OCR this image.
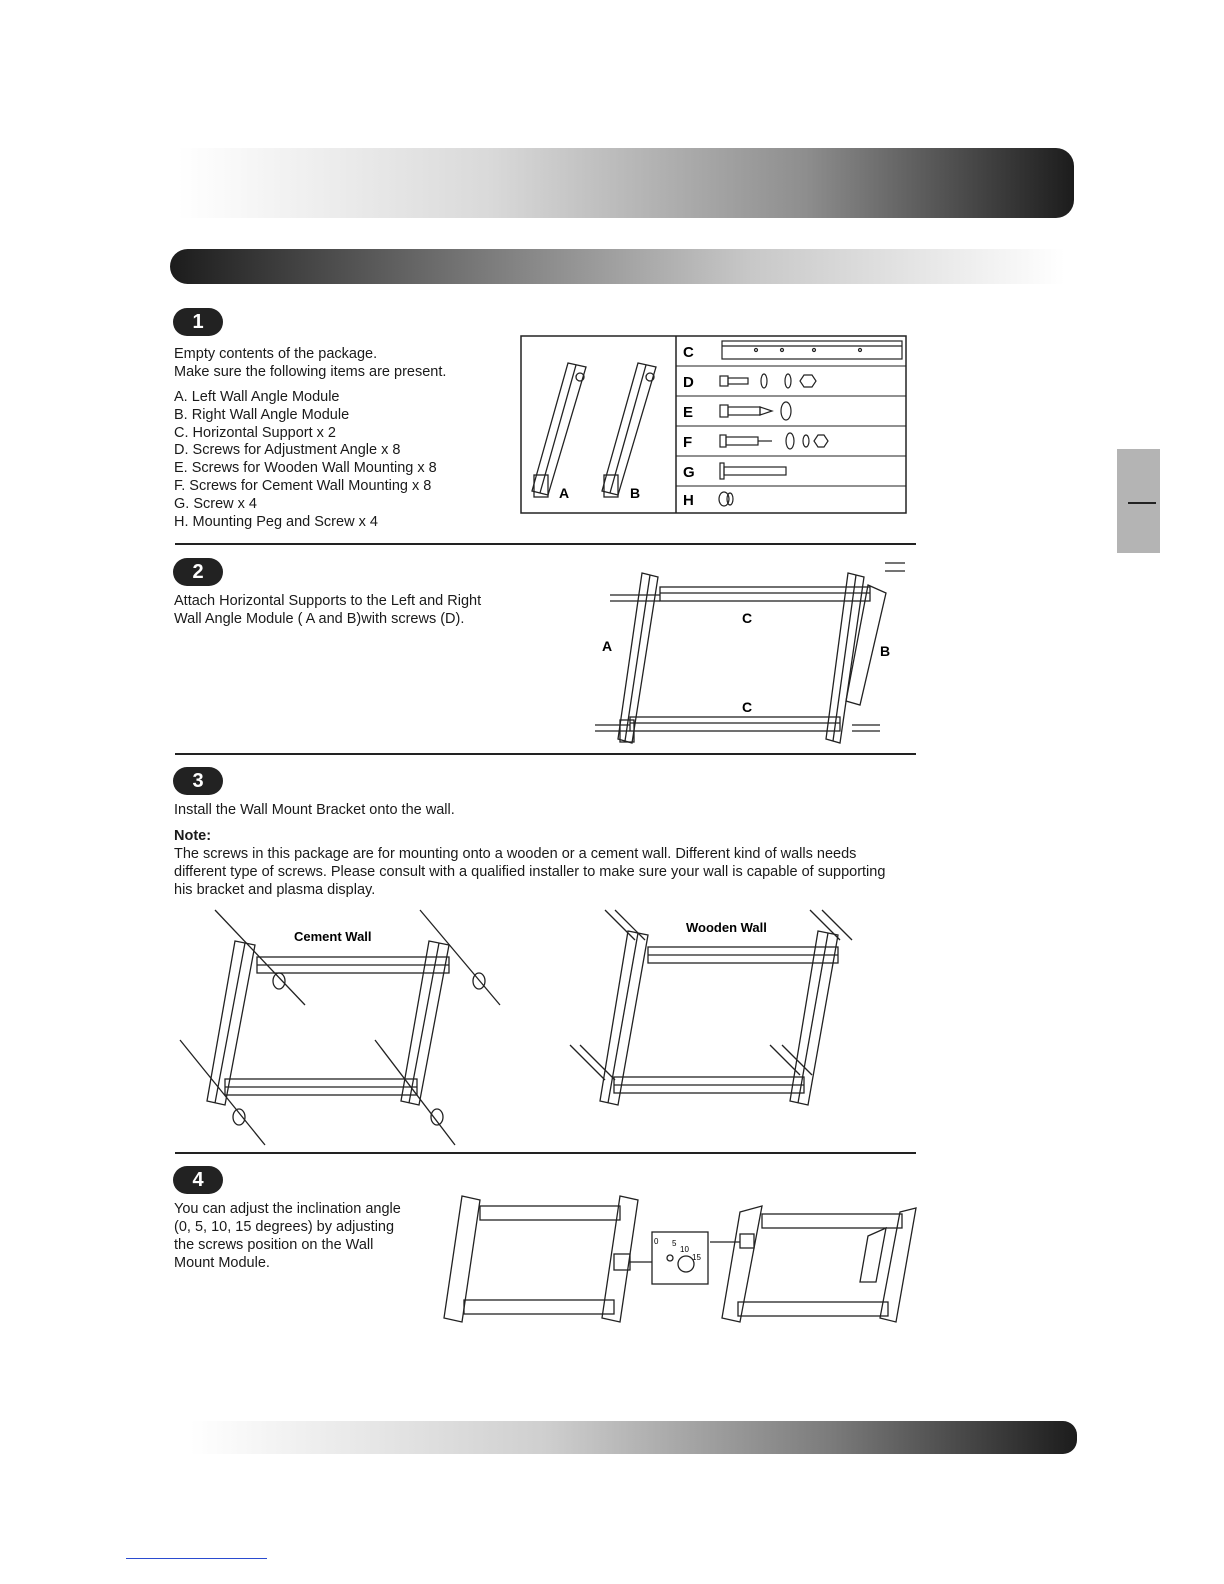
1

Empty contents of the package.

Make sure the following items are present.

A. Left Wall Angle Module
B. Right Wall Angle Module
C. Horizontal Support x 2
D. Screws for Adjustment Angle x 8
E. Screws for Wooden Wall Mounting x 8
F. Screws for Cement Wall Mounting x 8
G. Screw x 4
H. Mounting Peg and Screw x 4
A	B
C
D
E
F
G
H
2

Attach Horizontal Supports to the Left and Right

Wall Angle Module ( A and B)with screws (D).	C
C
A	B
3

Install the Wall Mount Bracket onto the wall.

Note:

The screws in this package are for mounting onto a wooden or a cement wall. Different kind of walls needs

different type of screws. Please consult with a qualified installer to make sure your wall is capable of supporting

his bracket and plasma display.

Cement Wall
Wooden Wall
4

You can adjust the inclination angle

(0, 5, 10, 15 degrees) by adjusting

the screws position on the Wall

Mount Module.

0 5
10
15
